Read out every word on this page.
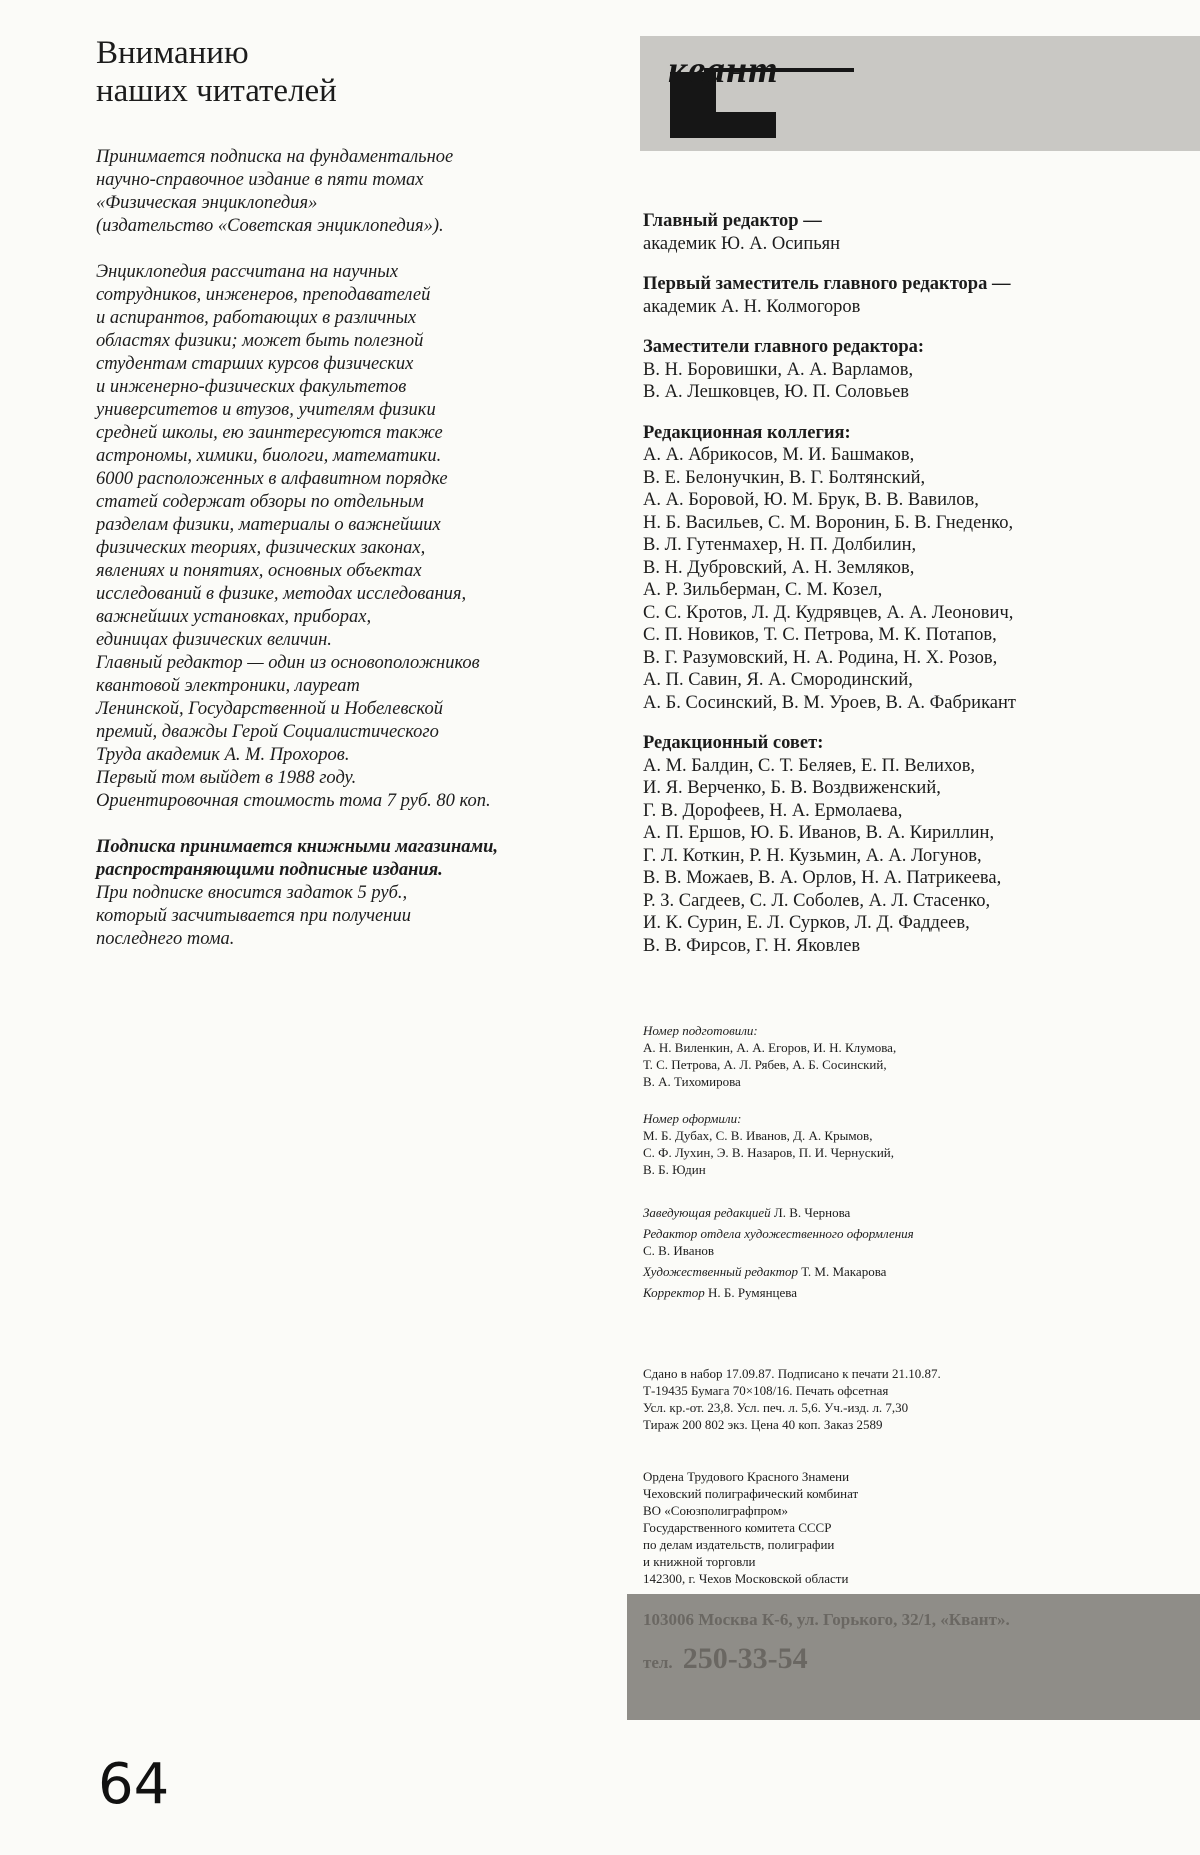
Вниманию
наших читателей

Принимается подписка на фундаментальное
научно-справочное издание в пяти томах
«Физическая энциклопедия»
(издательство «Советская энциклопедия»).

Энциклопедия рассчитана на научных
сотрудников, инженеров, преподавателей
и аспирантов, работающих в различных
областях физики; может быть полезной
студентам старших курсов физических
и инженерно-физических факультетов
университетов и втузов, учителям физики
средней школы, ею заинтересуются также
астрономы, химики, биологи, математики.
6000 расположенных в алфавитном порядке
статей содержат обзоры по отдельным
разделам физики, материалы о важнейших
физических теориях, физических законах,
явлениях и понятиях, основных объектах
исследований в физике, методах исследования,
важнейших установках, приборах,
единицах физических величин.
Главный редактор — один из основоположников
квантовой электроники, лауреат
Ленинской, Государственной и Нобелевской
премий, дважды Герой Социалистического
Труда академик А. М. Прохоров.
Первый том выйдет в 1988 году.
Ориентировочная стоимость тома 7 руб. 80 коп.

Подписка принимается книжными магазинами,
распространяющими подписные издания.
При подписке вносится задаток 5 руб.,
который засчитывается при получении
последнего тома.

квант
Главный редактор —
академик Ю. А. Осипьян
Первый заместитель главного редактора —
академик А. Н. Колмогоров
Заместители главного редактора:
В. Н. Боровишки, А. А. Варламов,
В. А. Лешковцев, Ю. П. Соловьев
Редакционная коллегия:
А. А. Абрикосов, М. И. Башмаков,
В. Е. Белонучкин, В. Г. Болтянский,
А. А. Боровой, Ю. М. Брук, В. В. Вавилов,
Н. Б. Васильев, С. М. Воронин, Б. В. Гнеденко,
В. Л. Гутенмахер, Н. П. Долбилин,
В. Н. Дубровский, А. Н. Земляков,
А. Р. Зильберман, С. М. Козел,
С. С. Кротов, Л. Д. Кудрявцев, А. А. Леонович,
С. П. Новиков, Т. С. Петрова, М. К. Потапов,
В. Г. Разумовский, Н. А. Родина, Н. Х. Розов,
А. П. Савин, Я. А. Смородинский,
А. Б. Сосинский, В. М. Уроев, В. А. Фабрикант
Редакционный совет:
А. М. Балдин, С. Т. Беляев, Е. П. Велихов,
И. Я. Верченко, Б. В. Воздвиженский,
Г. В. Дорофеев, Н. А. Ермолаева,
А. П. Ершов, Ю. Б. Иванов, В. А. Кириллин,
Г. Л. Коткин, Р. Н. Кузьмин, А. А. Логунов,
В. В. Можаев, В. А. Орлов, Н. А. Патрикеева,
Р. З. Сагдеев, С. Л. Соболев, А. Л. Стасенко,
И. К. Сурин, Е. Л. Сурков, Л. Д. Фаддеев,
В. В. Фирсов, Г. Н. Яковлев
Номер подготовили:
А. Н. Виленкин, А. А. Егоров, И. Н. Клумова,
Т. С. Петрова, А. Л. Рябев, А. Б. Сосинский,
В. А. Тихомирова
Номер оформили:
М. Б. Дубах, С. В. Иванов, Д. А. Крымов,
С. Ф. Лухин, Э. В. Назаров, П. И. Чернуский,
В. Б. Юдин
Заведующая редакцией Л. В. Чернова
Редактор отдела художественного оформления
С. В. Иванов
Художественный редактор Т. М. Макарова
Корректор Н. Б. Румянцева
Сдано в набор 17.09.87. Подписано к печати 21.10.87.
Т-19435 Бумага 70×108/16. Печать офсетная
Усл. кр.-от. 23,8. Усл. печ. л. 5,6. Уч.-изд. л. 7,30
Тираж 200 802 экз. Цена 40 коп. Заказ 2589
Ордена Трудового Красного Знамени
Чеховский полиграфический комбинат
ВО «Союзполиграфпром»
Государственного комитета СССР
по делам издательств, полиграфии
и книжной торговли
142300, г. Чехов Московской области
103006 Москва К-6, ул. Горького, 32/1, «Квант».
тел. 250-33-54
64
